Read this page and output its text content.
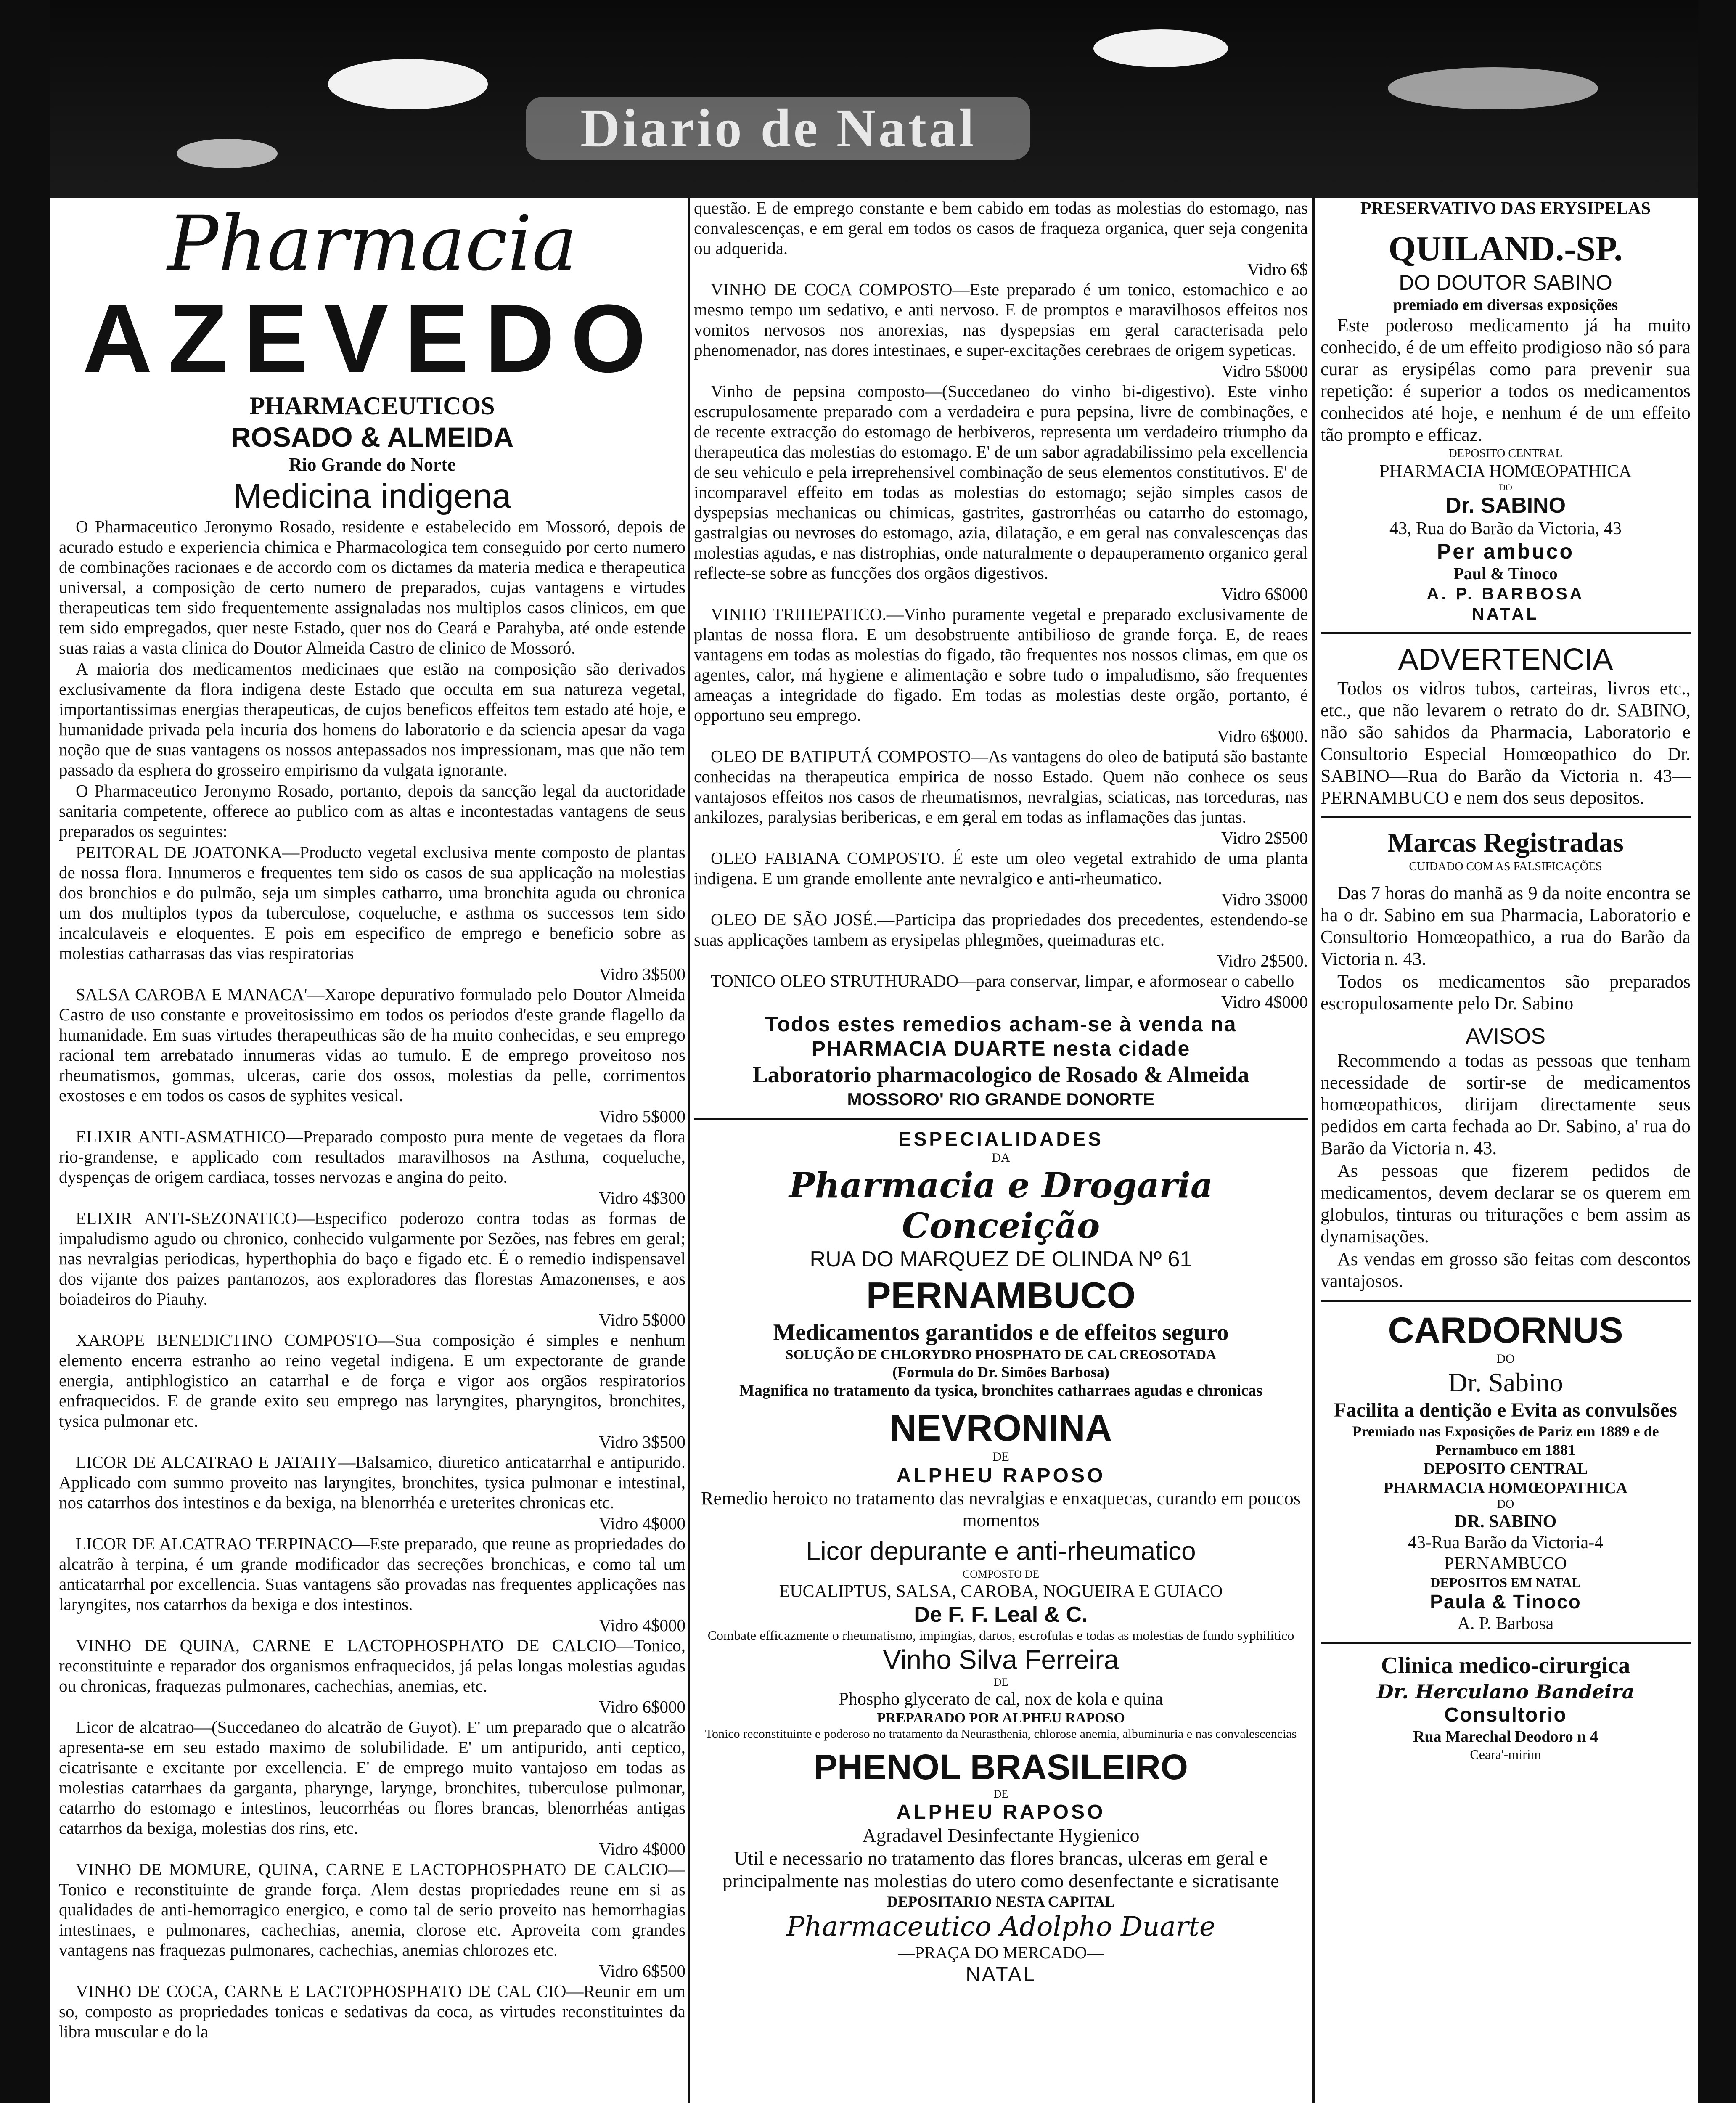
Diario de Natal
Pharmacia
AZEVEDO
PHARMACEUTICOS
ROSADO & ALMEIDA
Rio Grande do Norte
Medicina indigena

O Pharmaceutico Jeronymo Rosado, residente e estabelecido em Mossoró, depois de acurado estudo e experiencia chimica e Pharmacologica tem conseguido por certo numero de combinações racionaes e de accordo com os dictames da materia medica e therapeutica universal, a composição de certo numero de preparados, cujas vantagens e virtudes therapeuticas tem sido frequentemente assignaladas nos multiplos casos clinicos, em que tem sido empregados, quer neste Estado, quer nos do Ceará e Parahyba, até onde estende suas raias a vasta clinica do Doutor Almeida Castro de clinico de Mossoró.

A maioria dos medicamentos medicinaes que estão na composição são derivados exclusivamente da flora indigena deste Estado que occulta em sua natureza vegetal, importantissimas energias therapeuticas, de cujos beneficos effeitos tem estado até hoje, e humanidade privada pela incuria dos homens do laboratorio e da sciencia apesar da vaga noção que de suas vantagens os nossos antepassados nos impressionam, mas que não tem passado da esphera do grosseiro empirismo da vulgata ignorante.

O Pharmaceutico Jeronymo Rosado, portanto, depois da sancção legal da auctoridade sanitaria competente, offerece ao publico com as altas e incontestadas vantagens de seus preparados os seguintes:

PEITORAL DE JOATONKA—Producto vegetal exclusiva mente composto de plantas de nossa flora. Innumeros e frequentes tem sido os casos de sua applicação na molestias dos bronchios e do pulmão, seja um simples catharro, uma bronchita aguda ou chronica um dos multiplos typos da tuberculose, coqueluche, e asthma os successos tem sido incalculaveis e eloquentes. E pois em especifico de emprego e beneficio sobre as molestias catharrasas das vias respiratorias

Vidro 3$500

SALSA CAROBA E MANACA'—Xarope depurativo formulado pelo Doutor Almeida Castro de uso constante e proveitosissimo em todos os periodos d'este grande flagello da humanidade. Em suas virtudes therapeuthicas são de ha muito conhecidas, e seu emprego racional tem arrebatado innumeras vidas ao tumulo. E de emprego proveitoso nos rheumatismos, gommas, ulceras, carie dos ossos, molestias da pelle, corrimentos exostoses e em todos os casos de syphites vesical.

Vidro 5$000

ELIXIR ANTI-ASMATHICO—Preparado composto pura mente de vegetaes da flora rio-grandense, e applicado com resultados maravilhosos na Asthma, coqueluche, dyspenças de origem cardiaca, tosses nervozas e angina do peito.

Vidro 4$300

ELIXIR ANTI-SEZONATICO—Especifico poderozo contra todas as formas de impaludismo agudo ou chronico, conhecido vulgarmente por Sezões, nas febres em geral; nas nevralgias periodicas, hyperthophia do baço e figado etc. É o remedio indispensavel dos vijante dos paizes pantanozos, aos exploradores das florestas Amazonenses, e aos boiadeiros do Piauhy.

Vidro 5$000

XAROPE BENEDICTINO COMPOSTO—Sua composição é simples e nenhum elemento encerra estranho ao reino vegetal indigena. E um expectorante de grande energia, antiphlogistico an catarrhal e de força e vigor aos orgãos respiratorios enfraquecidos. E de grande exito seu emprego nas laryngites, pharyngitos, bronchites, tysica pulmonar etc.

Vidro 3$500

LICOR DE ALCATRAO E JATAHY—Balsamico, diuretico anticatarrhal e antipurido. Applicado com summo proveito nas laryngites, bronchites, tysica pulmonar e intestinal, nos catarrhos dos intestinos e da bexiga, na blenorrhéa e ureterites chronicas etc.

Vidro 4$000

LICOR DE ALCATRAO TERPINACO—Este preparado, que reune as propriedades do alcatrão à terpina, é um grande modificador das secreções bronchicas, e como tal um anticatarrhal por excellencia. Suas vantagens são provadas nas frequentes applicações nas laryngites, nos catarrhos da bexiga e dos intestinos.

Vidro 4$000

VINHO DE QUINA, CARNE E LACTOPHOSPHATO DE CALCIO—Tonico, reconstituinte e reparador dos organismos enfraquecidos, já pelas longas molestias agudas ou chronicas, fraquezas pulmonares, cachechias, anemias, etc.

Vidro 6$000

Licor de alcatrao—(Succedaneo do alcatrão de Guyot). E' um preparado que o alcatrão apresenta-se em seu estado maximo de solubilidade. E' um antipurido, anti ceptico, cicatrisante e excitante por excellencia. E' de emprego muito vantajoso em todas as molestias catarrhaes da garganta, pharynge, larynge, bronchites, tuberculose pulmonar, catarrho do estomago e intestinos, leucorrhéas ou flores brancas, blenorrhéas antigas catarrhos da bexiga, molestias dos rins, etc.

Vidro 4$000

VINHO DE MOMURE, QUINA, CARNE E LACTOPHOSPHATO DE CALCIO—Tonico e reconstituinte de grande força. Alem destas propriedades reune em si as qualidades de anti-hemorragico energico, e como tal de serio proveito nas hemorrhagias intestinaes, e pulmonares, cachechias, anemia, clorose etc. Aproveita com grandes vantagens nas fraquezas pulmonares, cachechias, anemias chlorozes etc.

Vidro 6$500

VINHO DE COCA, CARNE E LACTOPHOSPHATO DE CAL CIO—Reunir em um so, composto as propriedades tonicas e sedativas da coca, as virtudes reconstituintes da libra muscular e do la

questão. E de emprego constante e bem cabido em todas as molestias do estomago, nas convalescenças, e em geral em todos os casos de fraqueza organica, quer seja congenita ou adquerida.

Vidro 6$

VINHO DE COCA COMPOSTO—Este preparado é um tonico, estomachico e ao mesmo tempo um sedativo, e anti nervoso. E de promptos e maravilhosos effeitos nos vomitos nervosos nos anorexias, nas dyspepsias em geral caracterisada pelo phenomenador, nas dores intestinaes, e super-excitações cerebraes de origem sypeticas.

Vidro 5$000

Vinho de pepsina composto—(Succedaneo do vinho bi-digestivo). Este vinho escrupulosamente preparado com a verdadeira e pura pepsina, livre de combinações, e de recente extracção do estomago de herbiveros, representa um verdadeiro triumpho da therapeutica das molestias do estomago. E' de um sabor agradabilissimo pela excellencia de seu vehiculo e pela irreprehensivel combinação de seus elementos constitutivos. E' de incomparavel effeito em todas as molestias do estomago; sejão simples casos de dyspepsias mechanicas ou chimicas, gastrites, gastrorrhéas ou catarrho do estomago, gastralgias ou nevroses do estomago, azia, dilatação, e em geral nas convalescenças das molestias agudas, e nas distrophias, onde naturalmente o depauperamento organico geral reflecte-se sobre as funcções dos orgãos digestivos.

Vidro 6$000

VINHO TRIHEPATICO.—Vinho puramente vegetal e preparado exclusivamente de plantas de nossa flora. E um desobstruente antibilioso de grande força. E, de reaes vantagens em todas as molestias do figado, tão frequentes nos nossos climas, em que os agentes, calor, má hygiene e alimentação e sobre tudo o impaludismo, são frequentes ameaças a integridade do figado. Em todas as molestias deste orgão, portanto, é opportuno seu emprego.

Vidro 6$000.

OLEO DE BATIPUTÁ COMPOSTO—As vantagens do oleo de batiputá são bastante conhecidas na therapeutica empirica de nosso Estado. Quem não conhece os seus vantajosos effeitos nos casos de rheumatismos, nevralgias, sciaticas, nas torceduras, nas ankilozes, paralysias beribericas, e em geral em todas as inflamações das juntas.

Vidro 2$500

OLEO FABIANA COMPOSTO. É este um oleo vegetal extrahido de uma planta indigena. E um grande emollente ante nevralgico e anti-rheumatico.

Vidro 3$000

OLEO DE SÃO JOSÉ.—Participa das propriedades dos precedentes, estendendo-se suas applicações tambem as erysipelas phlegmões, queimaduras etc.

Vidro 2$500.

TONICO OLEO STRUTHURADO—para conservar, limpar, e aformosear o cabello

Vidro 4$000

Todos estes remedios acham-se à venda na PHARMACIA DUARTE nesta cidade
Laboratorio pharmacologico de Rosado & Almeida
MOSSORO' RIO GRANDE DONORTE
ESPECIALIDADES
DA
Pharmacia e Drogaria Conceição
RUA DO MARQUEZ DE OLINDA Nº 61
PERNAMBUCO
Medicamentos garantidos e de effeitos seguro
SOLUÇÃO DE CHLORYDRO PHOSPHATO DE CAL CREOSOTADA
(Formula do Dr. Simões Barbosa)
Magnifica no tratamento da tysica, bronchites catharraes agudas e chronicas
NEVRONINA
DE
ALPHEU RAPOSO
Remedio heroico no tratamento das nevralgias e enxaquecas, curando em poucos momentos
Licor depurante e anti-rheumatico
COMPOSTO DE
EUCALIPTUS, SALSA, CAROBA, NOGUEIRA E GUIACO
De F. F. Leal & C.
Combate efficazmente o rheumatismo, impingias, dartos, escrofulas e todas as molestias de fundo syphilitico
Vinho Silva Ferreira
DE
Phospho glycerato de cal, nox de kola e quina
PREPARADO POR ALPHEU RAPOSO
Tonico reconstituinte e poderoso no tratamento da Neurasthenia, chlorose anemia, albuminuria e nas convalescencias
PHENOL BRASILEIRO
DE
ALPHEU RAPOSO
Agradavel Desinfectante Hygienico
Util e necessario no tratamento das flores brancas, ulceras em geral e principalmente nas molestias do utero como desenfectante e sicratisante
DEPOSITARIO NESTA CAPITAL
Pharmaceutico Adolpho Duarte
—PRAÇA DO MERCADO—
NATAL
PRESERVATIVO DAS ERYSIPELAS
QUILAND.-SP.
DO DOUTOR SABINO
premiado em diversas exposições

Este poderoso medicamento já ha muito conhecido, é de um effeito prodigioso não só para curar as erysipélas como para prevenir sua repetição: é superior a todos os medicamentos conhecidos até hoje, e nenhum é de um effeito tão prompto e efficaz.

DEPOSITO CENTRAL
PHARMACIA HOMŒOPATHICA
DO
Dr. SABINO
43, Rua do Barão da Victoria, 43
Per ambuco
Paul & Tinoco
A. P. BARBOSA
NATAL
ADVERTENCIA

Todos os vidros tubos, carteiras, livros etc., etc., que não levarem o retrato do dr. SABINO, não são sahidos da Pharmacia, Laboratorio e Consultorio Especial Homœopathico do Dr. SABINO—Rua do Barão da Victoria n. 43—PERNAMBUCO e nem dos seus depositos.

Marcas Registradas
CUIDADO COM AS FALSIFICAÇÕES

Das 7 horas do manhã as 9 da noite encontra se ha o dr. Sabino em sua Pharmacia, Laboratorio e Consultorio Homœopathico, a rua do Barão da Victoria n. 43.

Todos os medicamentos são preparados escropulosamente pelo Dr. Sabino

AVISOS

Recommendo a todas as pessoas que tenham necessidade de sortir-se de medicamentos homœopathicos, dirijam directamente seus pedidos em carta fechada ao Dr. Sabino, a' rua do Barão da Victoria n. 43.

As pessoas que fizerem pedidos de medicamentos, devem declarar se os querem em globulos, tinturas ou triturações e bem assim as dynamisações.

As vendas em grosso são feitas com descontos vantajosos.

CARDORNUS
DO
Dr. Sabino
Facilita a dentição e Evita as convulsões
Premiado nas Exposições de Pariz em 1889 e de Pernambuco em 1881
DEPOSITO CENTRAL
PHARMACIA HOMŒOPATHICA
DO
DR. SABINO
43-Rua Barão da Victoria-4
PERNAMBUCO
DEPOSITOS EM NATAL
Paula & Tinoco
A. P. Barbosa
Clinica medico-cirurgica
Dr. Herculano Bandeira
Consultorio
Rua Marechal Deodoro n 4
Ceara'-mirim
